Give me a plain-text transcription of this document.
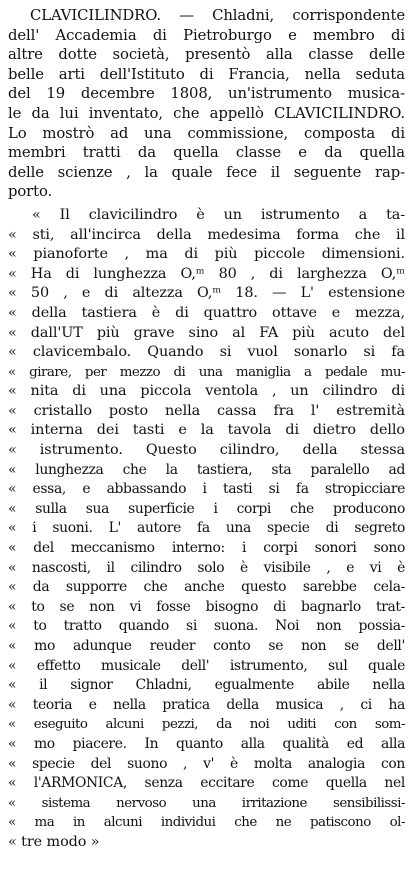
CLAVICILINDRO. — Chladni, corrispondente
dell' Accademia di Pietroburgo e membro di
altre dotte società, presentò alla classe delle
belle arti dell'Istituto di Francia, nella seduta
del 19 decembre 1808, un'istrumento musica-
le da lui inventato, che appellò CLAVICILINDRO.
Lo mostrò ad una commissione, composta di
membri tratti da quella classe e da quella
delle scienze , la quale fece il seguente rap-
porto.
« Il clavicilindro è un istrumento a ta-
« sti, all'incirca della medesima forma che il
« pianoforte , ma di più piccole dimensioni.
« Ha di lunghezza O,ᵐ 80 , di larghezza O,ᵐ
« 50 , e di altezza O,ᵐ 18. — L' estensione
« della tastiera è di quattro ottave e mezza,
« dall'UT più grave sino al FA più acuto del
« clavicembalo. Quando si vuol sonarlo si fa
« girare, per mezzo di una maniglia a pedale mu-
« nita di una piccola ventola , un cilindro di
« cristallo posto nella cassa fra l' estremità
« interna dei tasti e la tavola di dietro dello
« istrumento. Questo cilindro, della stessa
« lunghezza che la tastiera, sta paralello ad
« essa, e abbassando i tasti si fa stropicciare
« sulla sua superficie i corpi che producono
« i suoni. L' autore fa una specie di segreto
« del meccanismo interno: i corpi sonori sono
« nascosti, il cilindro solo è visibile , e vi è
« da supporre che anche questo sarebbe cela-
« to se non vi fosse bisogno di bagnarlo trat-
« to tratto quando si suona. Noi non possia-
« mo adunque reuder conto se non se dell'
« effetto musicale dell' istrumento, sul quale
« il signor Chladni, egualmente abile nella
« teoria e nella pratica della musica , ci ha
« eseguito alcuni pezzi, da noi uditi con som-
« mo piacere. In quanto alla qualità ed alla
« specie del suono , v' è molta analogia con
« l'ARMONICA, senza eccitare come quella nel
« sistema nervoso una irritazione sensibilissi-
« ma in alcuni individui che ne patiscono ol-
« tre modo »
